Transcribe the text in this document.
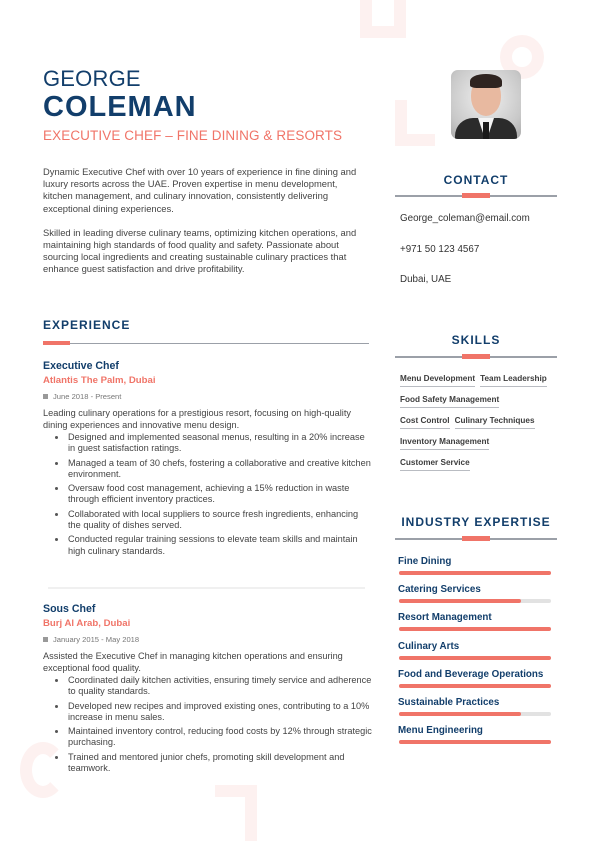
GEORGE
COLEMAN
EXECUTIVE CHEF – FINE DINING & RESORTS

Dynamic Executive Chef with over 10 years of experience in fine dining and luxury resorts across the UAE. Proven expertise in menu development, kitchen management, and culinary innovation, consistently delivering exceptional dining experiences.

Skilled in leading diverse culinary teams, optimizing kitchen operations, and maintaining high standards of food quality and safety. Passionate about sourcing local ingredients and creating sustainable culinary practices that enhance guest satisfaction and drive profitability.

CONTACT
George_coleman@email.com
+971 50 123 4567
Dubai, UAE
SKILLS
Menu Development Team Leadership
Food Safety Management
Cost Control Culinary Techniques
Inventory Management
Customer Service
INDUSTRY EXPERTISE
Fine Dining
Catering Services
Resort Management
Culinary Arts
Food and Beverage Operations
Sustainable Practices
Menu Engineering
EXPERIENCE
Executive Chef
Atlantis The Palm, Dubai
June 2018 - Present
Leading culinary operations for a prestigious resort, focusing on high-quality dining experiences and innovative menu design.
Designed and implemented seasonal menus, resulting in a 20% increase in guest satisfaction ratings.
Managed a team of 30 chefs, fostering a collaborative and creative kitchen environment.
Oversaw food cost management, achieving a 15% reduction in waste through efficient inventory practices.
Collaborated with local suppliers to source fresh ingredients, enhancing the quality of dishes served.
Conducted regular training sessions to elevate team skills and maintain high culinary standards.
Sous Chef
Burj Al Arab, Dubai
January 2015 - May 2018
Assisted the Executive Chef in managing kitchen operations and ensuring exceptional food quality.
Coordinated daily kitchen activities, ensuring timely service and adherence to quality standards.
Developed new recipes and improved existing ones, contributing to a 10% increase in menu sales.
Maintained inventory control, reducing food costs by 12% through strategic purchasing.
Trained and mentored junior chefs, promoting skill development and teamwork.
